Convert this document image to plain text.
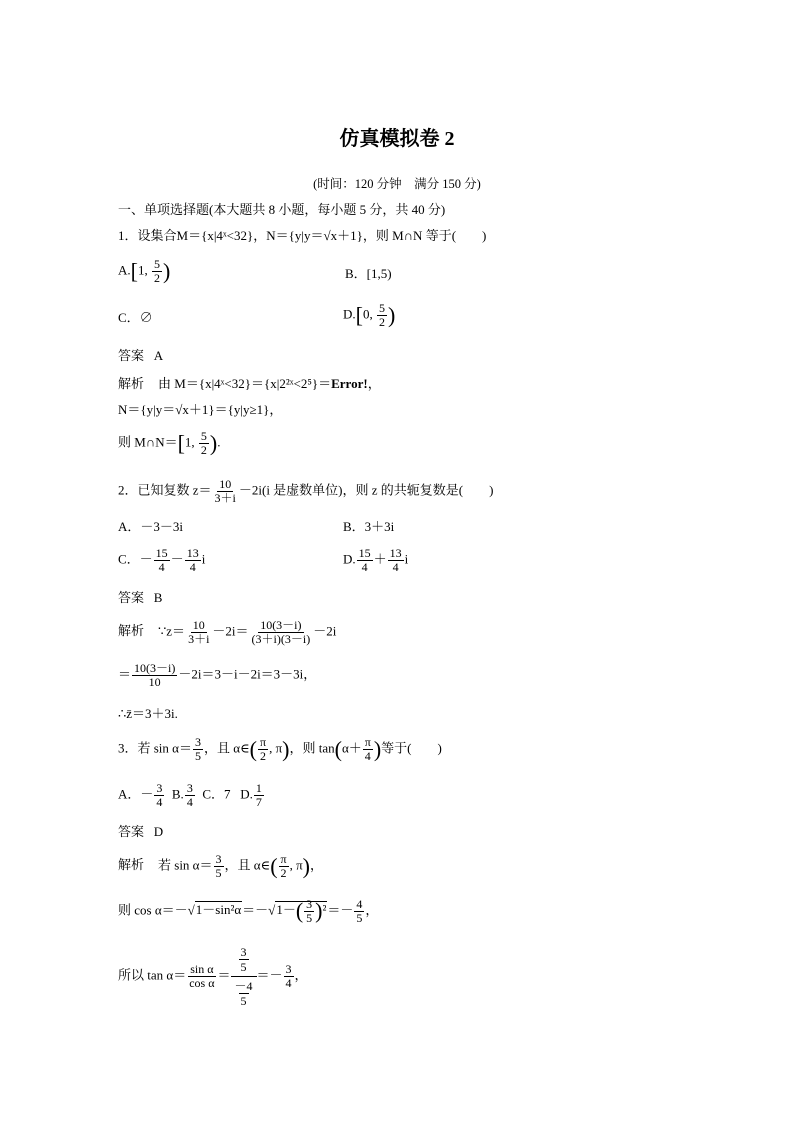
仿真模拟卷 2
(时间：120 分钟　满分 150 分)
一、单项选择题(本大题共 8 小题，每小题 5 分，共 40 分)
1．设集合M＝{x|4ˣ<32}，N＝{y|y＝√x＋1}，则 M∩N 等于(　　)
A.[1, $\frac{5}{2}$ )	B．[1,5)
C．∅	D.[0, $\frac{5}{2}$ )
答案 A
解析 由 M＝{x|4ˣ<32}＝{x|2²ˣ<2⁵}＝Error!，
N＝{y|y＝√x＋1}＝{y|y≥1}，
则 M∩N＝[1, $\frac{5}{2}$ ).
2．已知复数 $z= \frac{10}{3+i} -2i(i$ 是虚数单位)，则 z 的共轭复数是(　　)
A．－3－3i	B．3＋3i
C．－ $\frac{15}{4} - \frac{13}{4}$ i	D. $\frac{15}{4} + \frac{13}{4}$ i
答案 B
解析 ∵z＝ $\frac{10}{3+i} -2i= \frac{10(3-i)}{(3+i)(3-i)} -2i$
＝ $\frac{10(3-i)}{10} -2i=3-i-2i=3-3i$，
∴z̄＝3＋3i.
3．若 $\sin \alpha= \frac{3}{5}$ ，且 α∈( $\frac{\pi}{2}$ , π)，则 $\tan(\alpha+ \frac{\pi}{4}$ )等于(　　)
A．－ $\frac{3}{4} B$. $\frac{3}{4}$ C．7   D. $\frac{1}{7}$
答案 D
解析 若 $\sin \alpha= \frac{3}{5}$ ，且 α∈( $\frac{\pi}{2}$ , π)，
则 $\cos \alpha=-√1-\sin^2\alpha=-√1-( \frac{3}{5} )^2=- \frac{4}{5}$ ，
所以 $\tan \alpha= \frac{\text{sin α}}{\text{cos α}} = 3$
5
－4
$5 =- \frac{3}{4}$ ，
